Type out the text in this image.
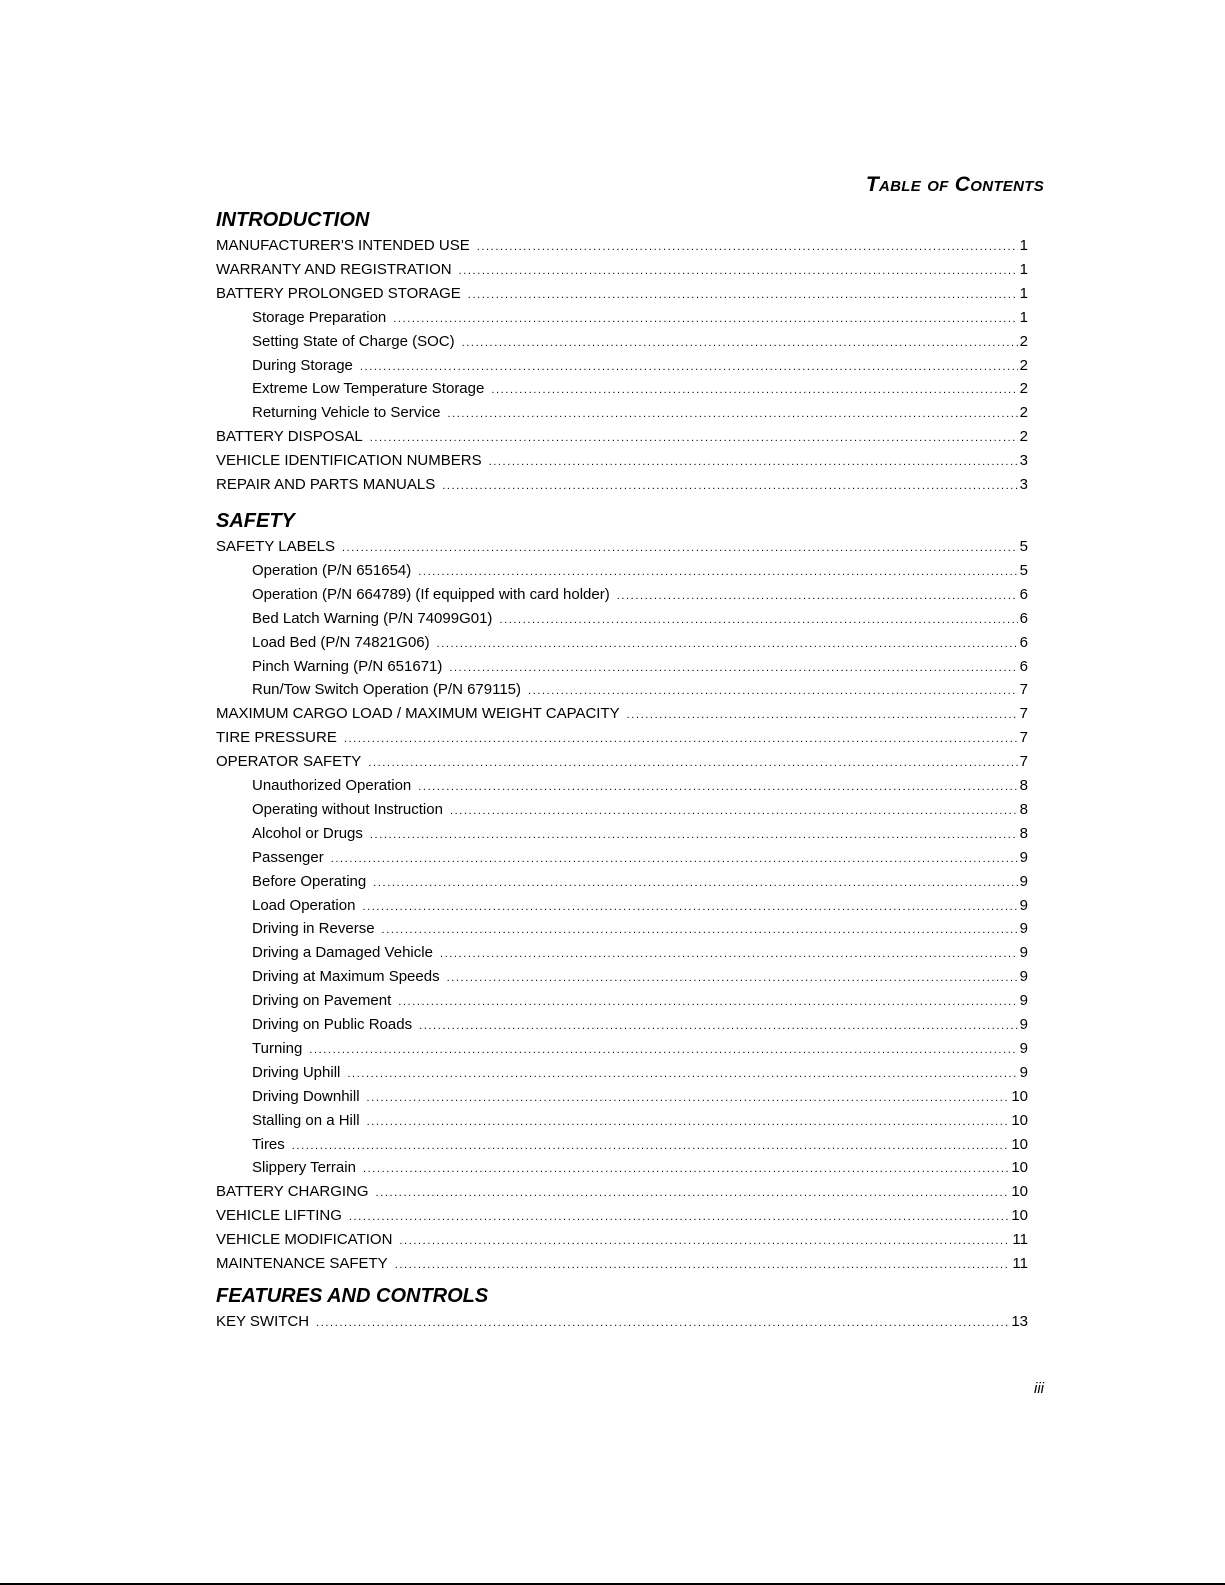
Table of Contents
INTRODUCTION
MANUFACTURER'S INTENDED USE .....	1
WARRANTY AND REGISTRATION .....	1
BATTERY PROLONGED STORAGE .....	1
Storage Preparation .....	1
Setting State of Charge (SOC) .....	2
During Storage .....	2
Extreme Low Temperature Storage .....	2
Returning Vehicle to Service .....	2
BATTERY DISPOSAL .....	2
VEHICLE IDENTIFICATION NUMBERS .....	3
REPAIR AND PARTS MANUALS .....	3
SAFETY
SAFETY LABELS .....	5
Operation (P/N 651654) .....	5
Operation (P/N 664789) (If equipped with card holder) .....	6
Bed Latch Warning (P/N 74099G01) .....	6
Load Bed (P/N 74821G06) .....	6
Pinch Warning (P/N 651671) .....	6
Run/Tow Switch Operation (P/N 679115) .....	7
MAXIMUM CARGO LOAD / MAXIMUM WEIGHT CAPACITY .....	7
TIRE PRESSURE .....	7
OPERATOR SAFETY .....	7
Unauthorized Operation .....	8
Operating without Instruction .....	8
Alcohol or Drugs .....	8
Passenger .....	9
Before Operating .....	9
Load Operation .....	9
Driving in Reverse .....	9
Driving a Damaged Vehicle .....	9
Driving at Maximum Speeds .....	9
Driving on Pavement .....	9
Driving on Public Roads .....	9
Turning .....	9
Driving Uphill .....	9
Driving Downhill .....	10
Stalling on a Hill .....	10
Tires .....	10
Slippery Terrain .....	10
BATTERY CHARGING .....	10
VEHICLE LIFTING .....	10
VEHICLE MODIFICATION .....	11
MAINTENANCE SAFETY .....	11
FEATURES AND CONTROLS
KEY SWITCH .....	13
iii
